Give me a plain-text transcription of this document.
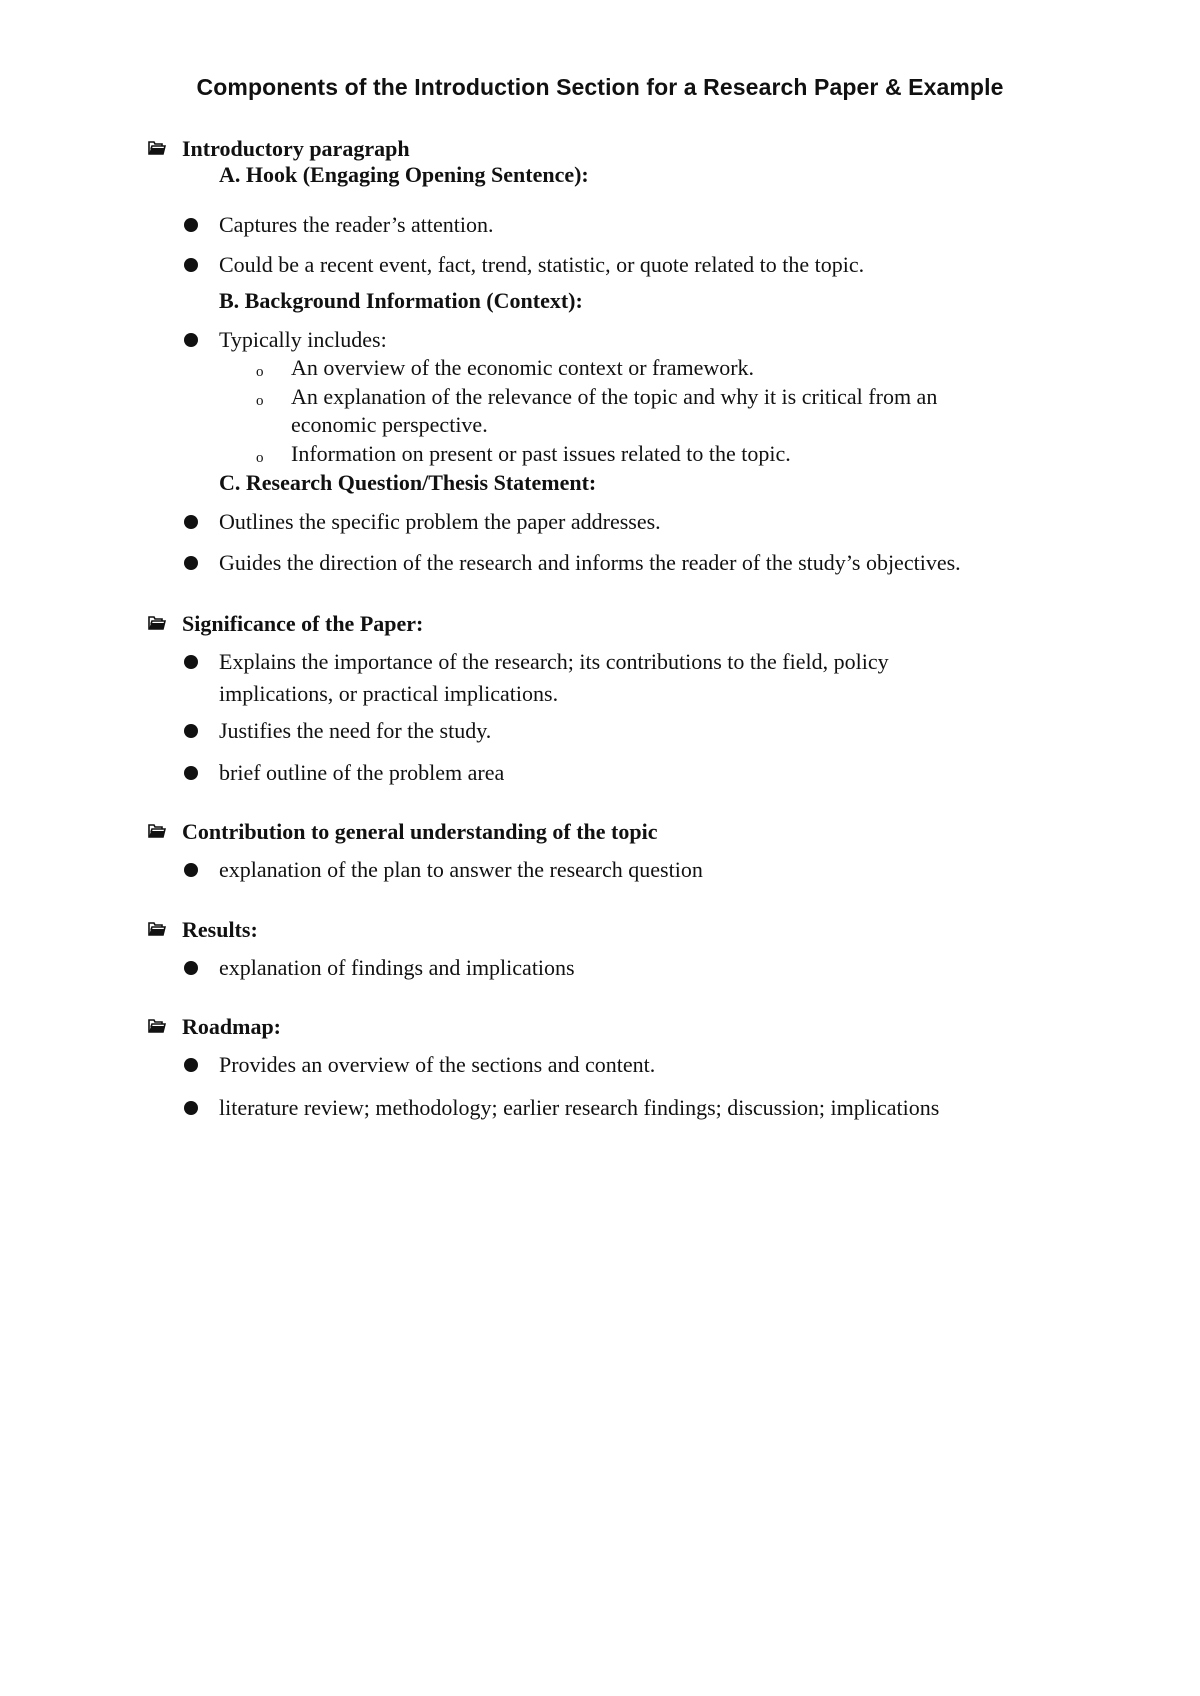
Components of the Introduction Section for a Research Paper & Example
Introductory paragraph
A. Hook (Engaging Opening Sentence):
Captures the reader’s attention.
Could be a recent event, fact, trend, statistic, or quote related to the topic.
B. Background Information (Context):
Typically includes:
o An overview of the economic context or framework.
o An explanation of the relevance of the topic and why it is critical from an
economic perspective.
o Information on present or past issues related to the topic.
C. Research Question/Thesis Statement:
Outlines the specific problem the paper addresses.
Guides the direction of the research and informs the reader of the study’s objectives.
Significance of the Paper:
Explains the importance of the research; its contributions to the field, policy
implications, or practical implications.
Justifies the need for the study.
brief outline of the problem area
Contribution to general understanding of the topic
explanation of the plan to answer the research question
Results:
explanation of findings and implications
Roadmap:
Provides an overview of the sections and content.
literature review; methodology; earlier research findings; discussion; implications
